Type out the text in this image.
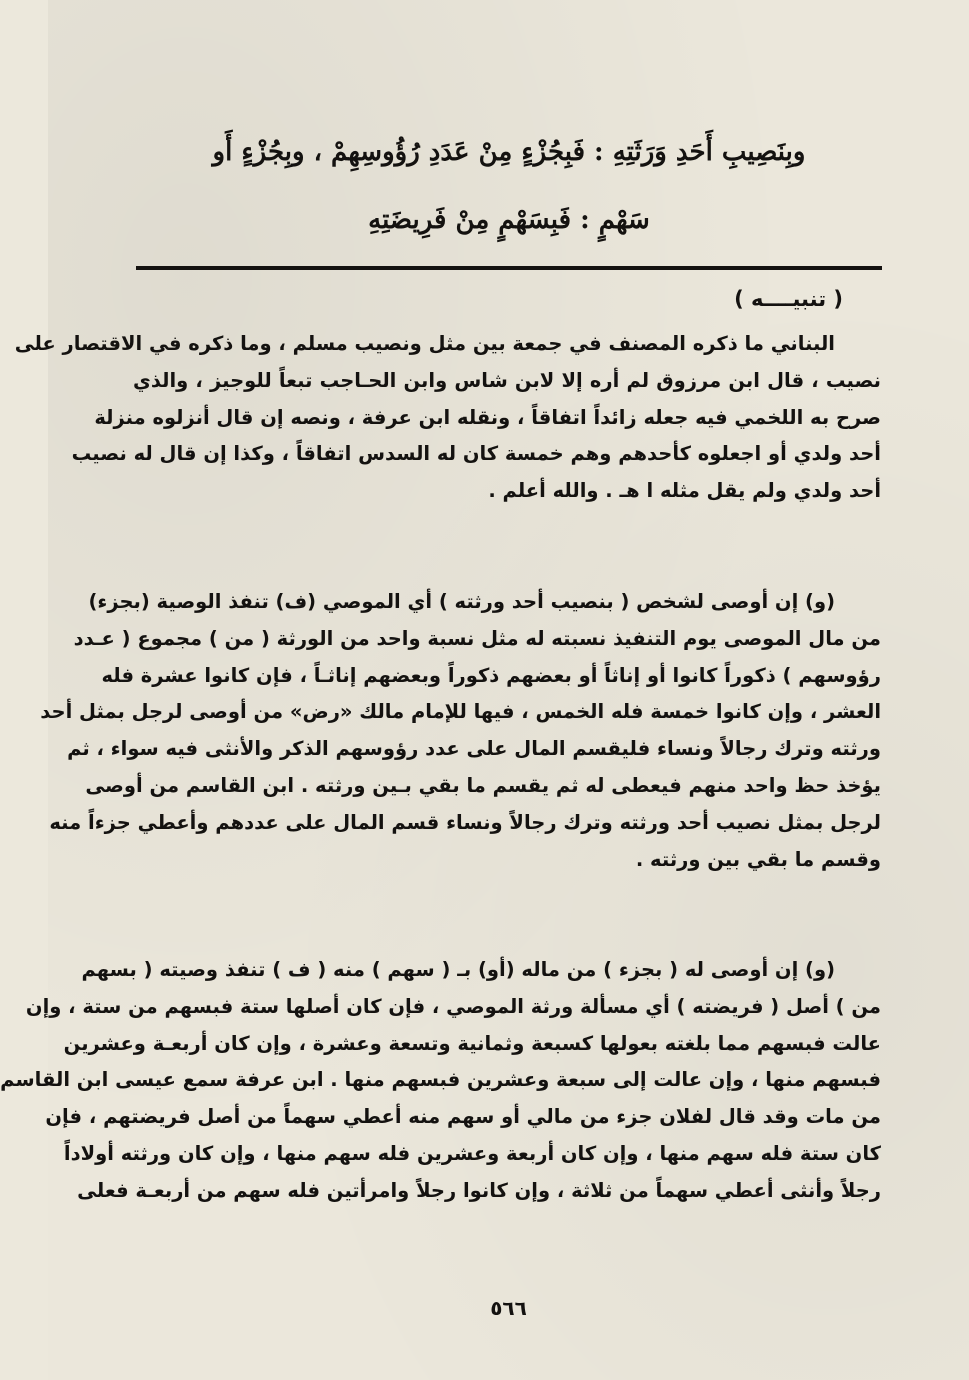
وبِنَصِيبِ أَحَدِ وَرَثَتِهِ : فَبِجُزْءٍ مِنْ عَدَدِ رُؤُوسِهِمْ ، وبِجُزْءٍ أَو
سَهْمٍ : فَبِسَهْمٍ مِنْ فَرِيضَتِهِ
( تنبيــــه )
البناني ما ذكره المصنف في جمعة بين مثل ونصيب مسلم ، وما ذكره في الاقتصار على
نصيب ، قال ابن مرزوق لم أره إلا لابن شاس وابن الحـاجب تبعاً للوجيز ، والذي
صرح به اللخمي فيه جعله زائداً اتفاقاً ، ونقله ابن عرفة ، ونصه إن قال أنزلوه منزلة
أحد ولدي أو اجعلوه كأحدهم وهم خمسة كان له السدس اتفاقاً ، وكذا إن قال له نصيب
أحد ولدي ولم يقل مثله ا هـ . والله أعلم .
(و) إن أوصى لشخص ( بنصيب أحد ورثته ) أي الموصي (ف) تنفذ الوصية (بجزء)
من مال الموصى يوم التنفيذ نسبته له مثل نسبة واحد من الورثة ( من ) مجموع ( عـدد
رؤوسهم ) ذكوراً كانوا أو إناثاً أو بعضهم ذكوراً وبعضهم إناثـاً ، فإن كانوا عشرة فله
العشر ، وإن كانوا خمسة فله الخمس ، فيها للإمام مالك «رض» من أوصى لرجل بمثل أحد
ورثته وترك رجالاً ونساء فليقسم المال على عدد رؤوسهم الذكر والأنثى فيه سواء ، ثم
يؤخذ حظ واحد منهم فيعطى له ثم يقسم ما بقي بـين ورثته . ابن القاسم من أوصى
لرجل بمثل نصيب أحد ورثته وترك رجالاً ونساء قسم المال على عددهم وأعطي جزءاً منه
وقسم ما بقي بين ورثته .
(و) إن أوصى له ( بجزء ) من ماله (أو) بـ ( سهم ) منه ( ف ) تنفذ وصيته ( بسهم
من ) أصل ( فريضته ) أي مسألة ورثة الموصي ، فإن كان أصلها ستة فبسهم من ستة ، وإن
عالت فبسهم مما بلغته بعولها كسبعة وثمانية وتسعة وعشرة ، وإن كان أربعـة وعشرين
فبسهم منها ، وإن عالت إلى سبعة وعشرين فبسهم منها . ابن عرفة سمع عيسى ابن القاسم
من مات وقد قال لفلان جزء من مالي أو سهم منه أعطي سهماً من أصل فريضتهم ، فإن
كان ستة فله سهم منها ، وإن كان أربعة وعشرين فله سهم منها ، وإن كان ورثته أولاداً
رجلاً وأنثى أعطي سهماً من ثلاثة ، وإن كانوا رجلاً وامرأتين فله سهم من أربعـة فعلى
٥٦٦
